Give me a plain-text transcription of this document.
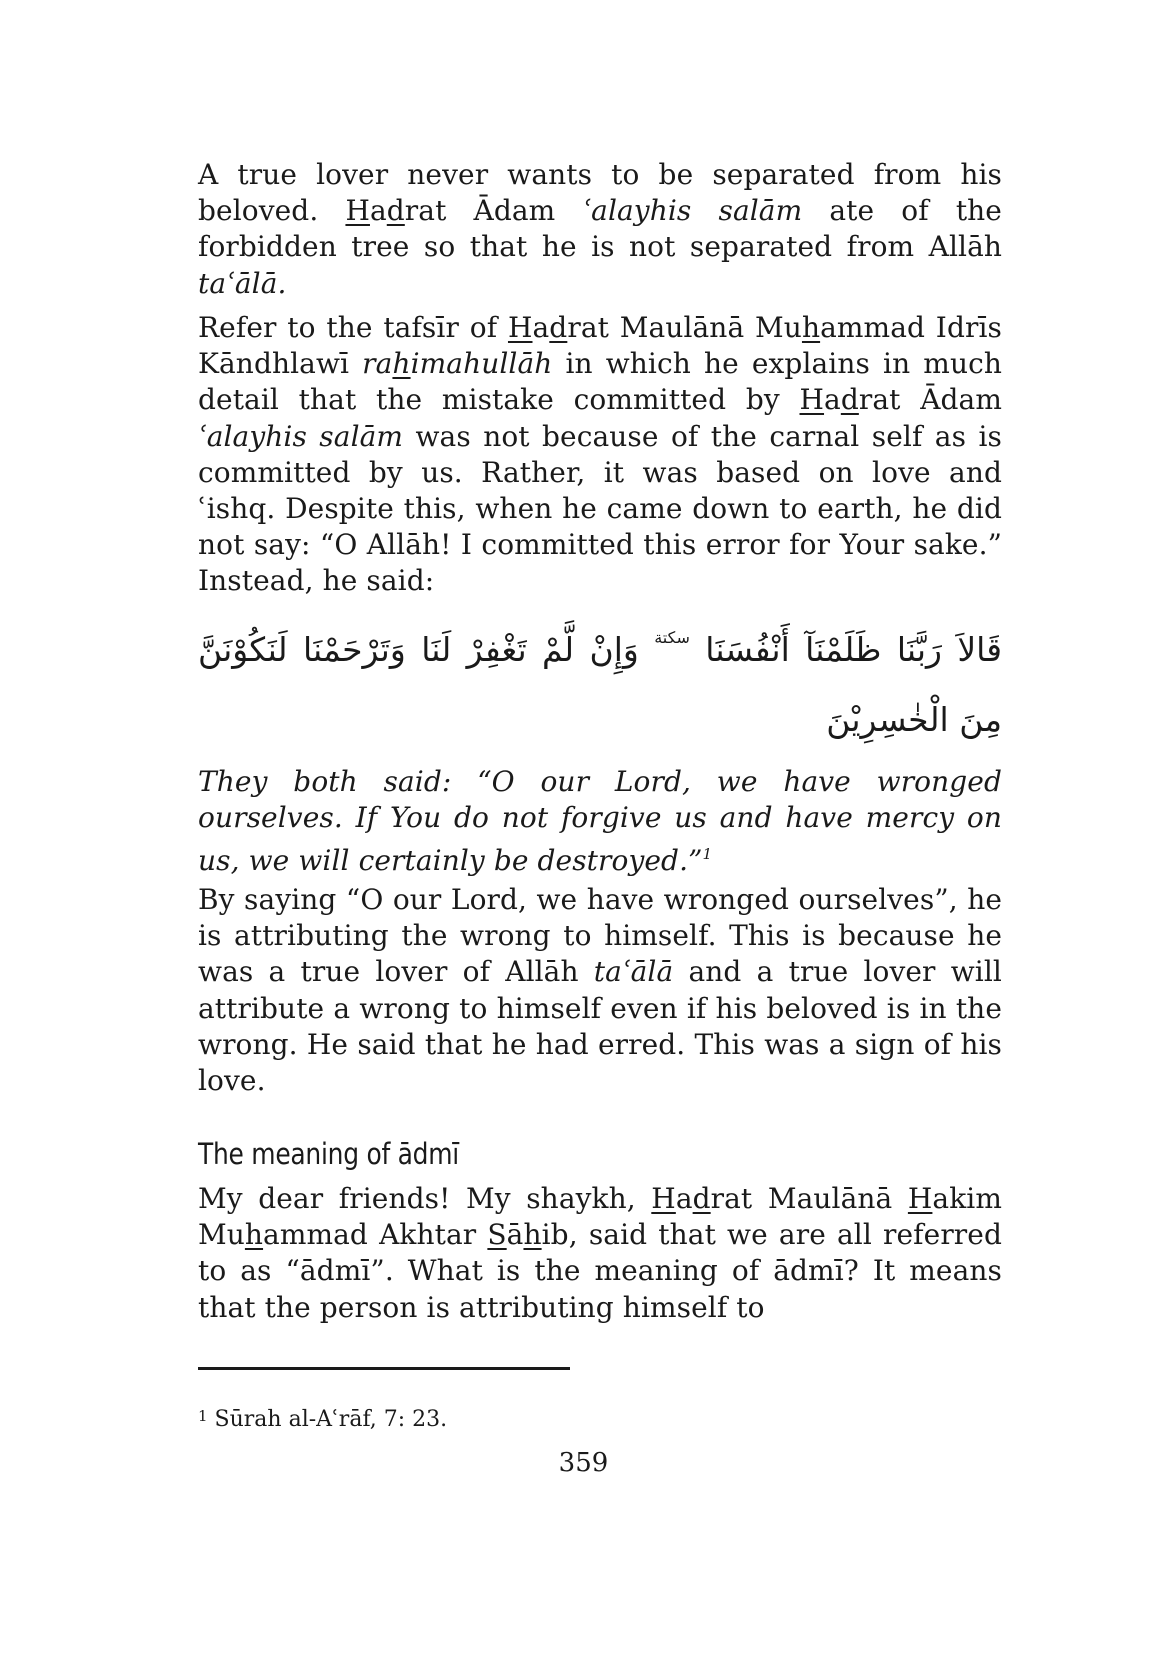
A true lover never wants to be separated from his beloved. Hadrat Ādam ʿalayhis salām ate of the forbidden tree so that he is not separated from Allāh taʿālā.

Refer to the tafsīr of Hadrat Maulānā Muhammad Idrīs Kāndhlawī rahimahullāh in which he explains in much detail that the mistake committed by Hadrat Ādam ʿalayhis salām was not because of the carnal self as is committed by us. Rather, it was based on love and ʿishq. Despite this, when he came down to earth, he did not say: “O Allāh! I committed this error for Your sake.” Instead, he said:

قَالاَ رَبَّنَا ظَلَمْنَآ أَنْفُسَنَا $^{سكتة}$ وَإِنْ لَّمْ تَغْفِرْ لَنَا وَتَرْحَمْنَا لَنَكُوْنَنَّ مِنَ الْخٰسِرِيْنَ

They both said: “O our Lord, we have wronged ourselves. If You do not forgive us and have mercy on us, we will certainly be destroyed.”$^1$

By saying “O our Lord, we have wronged ourselves”, he is attributing the wrong to himself. This is because he was a true lover of Allāh taʿālā and a true lover will attribute a wrong to himself even if his beloved is in the wrong. He said that he had erred. This was a sign of his love.

The meaning of ādmī

My dear friends! My shaykh, Hadrat Maulānā Hakim Muhammad Akhtar Sāhib, said that we are all referred to as “ādmī”. What is the meaning of ādmī? It means that the person is attributing himself to

$^1$ Sūrah al-Aʿrāf, 7: 23.
359
